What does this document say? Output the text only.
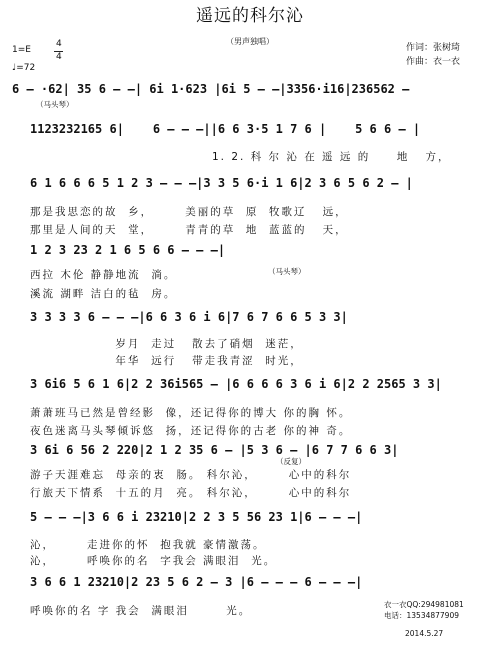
遥远的科尔沁
（男声独唱）
作词：张树琦
作曲：衣一衣
1=E
4
4
♩=72
6 — ·62| 35 6 — —| 6i 1·623 |6i 5 — —|3356·i16|236562 —
（马头琴）
1123232165 6|    6 — — —||6 6 3·5 1 7 6 |    5 6 6 — |
1. 2. 科 尔 沁 在 遥 远 的     地   方，
6 1 6 6 6 5 1 2 3 — — —|3 3 5 6·i 1 6|2 3 6 5 6 2 — |
那是我思恋的故  乡，      美丽的草  原  牧歌辽   远，
那里是人间的天  堂，      青青的草  地  蓝蓝的   天，
1 2 3 23 2 1 6 5 6 6 — — —|
西拉 木伦 静静地流  淌。	（马头琴）
溪流 湖畔 洁白的毡  房。
3 3 3 3 6 — — —|6 6 3 6 i 6|7 6 7 6 6 5 3 3|
岁月  走过   散去了硝烟  迷茫，
年华  远行   带走我青涩  时光，
3 6i6 5 6 1 6|2 2 36i565 — |6 6 6 6 3 6 i 6|2 2 2565 3 3|
萧萧班马已然是曾经影  像，还记得你的博大 你的胸 怀。
夜色迷离马头琴倾诉悠  扬，还记得你的古老 你的神 奇。
3 6i 6 56 2 220|2 1 2 35 6 — |5 3 6 — |6 7 7 6 6 3|
（反复）
游子天涯难忘  母亲的衷  肠。 科尔沁，      心中的科尔
行旅天下情系  十五的月  亮。 科尔沁，      心中的科尔
5 — — —|3 6 6 i 23210|2 2 3 5 56 23 1|6 — — —|
沁，      走进你的怀  抱我就 豪情激荡。
沁，      呼唤你的名  字我会 满眼泪  光。
3 6 6 1 23210|2 23 5 6 2 — 3 |6 — — — 6 — — —|
呼唤你的名 字 我会  满眼泪       光。
衣一衣QQ:294981081
电话：13534877909
2014.5.27
